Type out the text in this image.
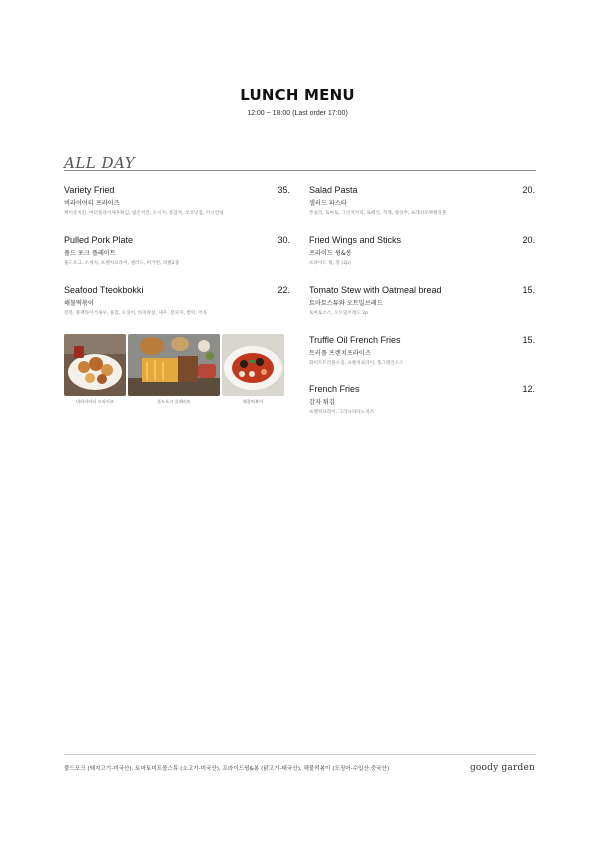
LUNCH MENU
12:00 ~ 18:00 (Last order 17:00)
ALL DAY
Variety Fried	35.
버라이어티 프라이즈
케이준치킨, 버터플라이새우튀김, 팝콘치킨, 소시지, 통감자, 코코넛칩, 어니언링
Pulled Pork Plate	30.
풀드 포크 플레이트
풀드포크, 소세지, 프렌치프라이, 샐러드, 버거번, 피클2종
Seafood Tteokbokki	22.
해물떡볶이
전복, 블랙타이거새우, 홍합, 오징어, 바지락살, 새우, 분모자, 쌀떡, 어묵
Salad Pasta	20.
샐러드 파스타
푸실리, 토마토, 그린치커리, 로메인, 적채, 양상추, 프레쉬모짜렐라볼
Fried Wings and Sticks	20.
프라이드 윙&봉
프라이드 윙, 봉 (2p)
Tomato Stew with Oatmeal bread	15.
토마토스튜와 오트밀브레드
토마토소스, 오트밀브레드 2p
Truffle Oil French Fries	15.
트러플 프렌치프라이즈
화이트트러플오일, 프렌치프라이, 홀그레인소스
French Fries	12.
감자 튀김
프렌치프라이, 그라나파다노치즈
버라이어티 프라이즈	풀드포크 플레이트	해물떡볶이
풀드포크 (돼지고기-미국산), 토마토미트볼스튜 (소고기-미국산), 프라이드윙&봉 (닭고기-태국산), 해물떡볶이 (오징어-수입산:중국산)	goody garden
